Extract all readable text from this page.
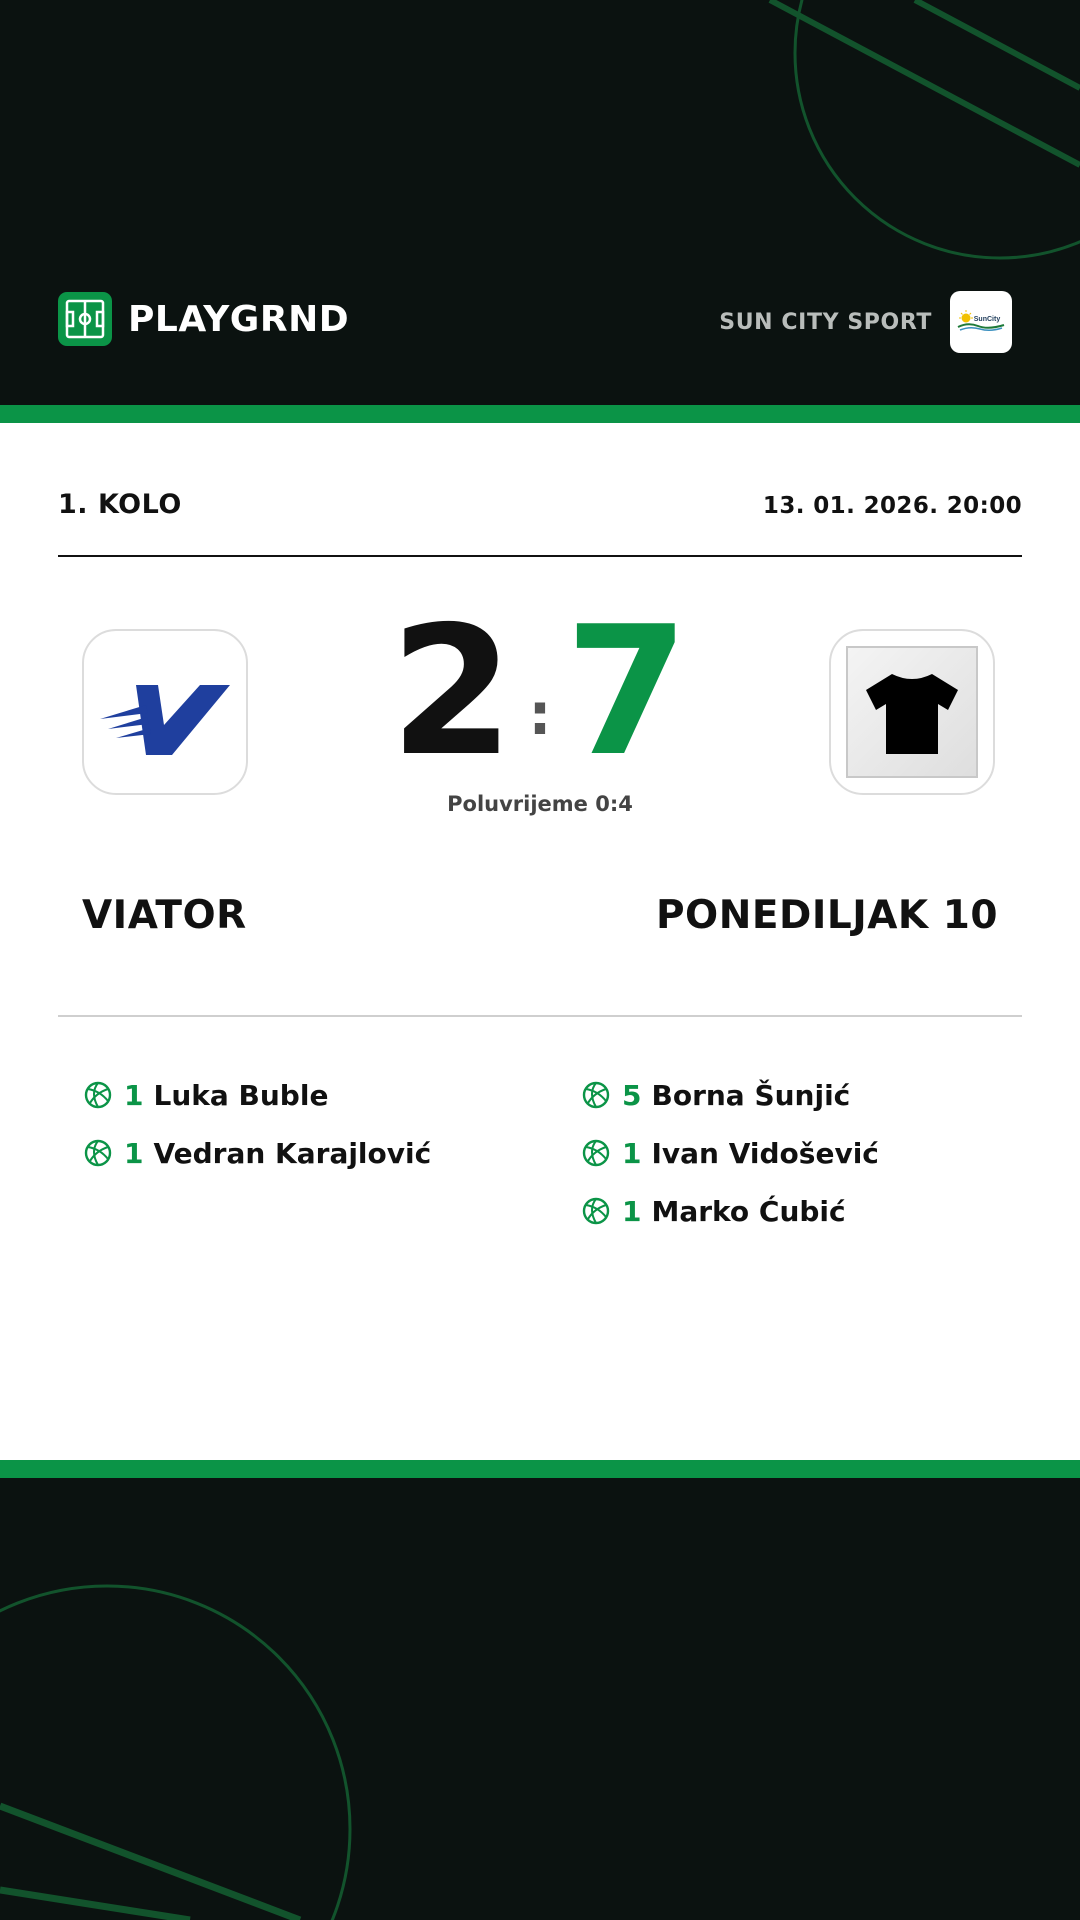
PLAYGRND	SUN CITY SPORT	SunCity
1. KOLO	13. 01. 2026. 20:00
2 : 7
Poluvrijeme 0:4
VIATOR	PONEDILJAK 10
1 Luka Buble
1 Vedran Karajlović
5 Borna Šunjić
1 Ivan Vidošević
1 Marko Ćubić
